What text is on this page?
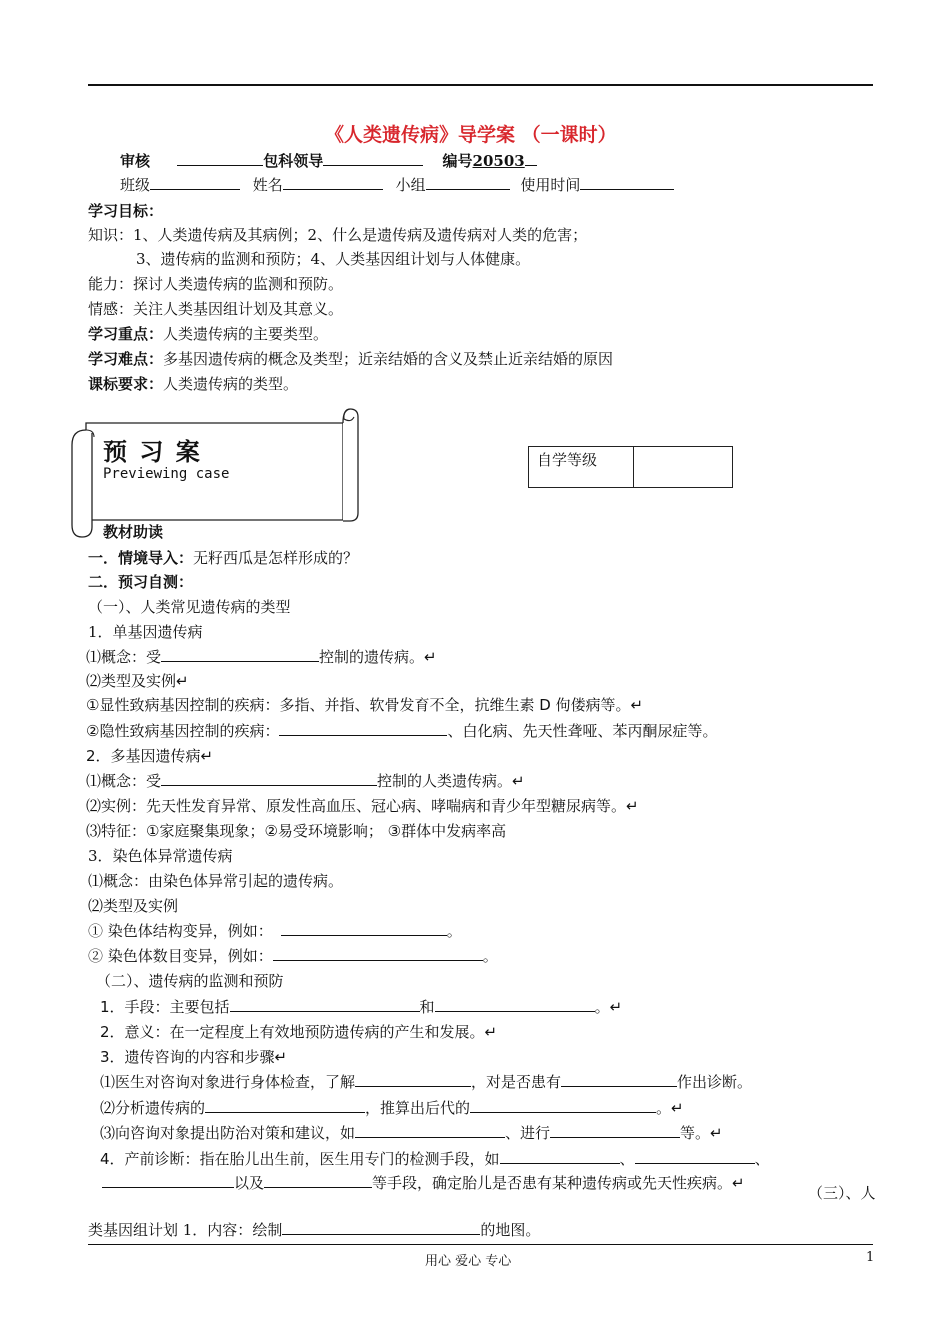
《人类遗传病》导学案 （一课时）
审核	包科领导	编号20503
班级	姓名	小组	使用时间
学习目标：
知识：1、人类遗传病及其病例；2、什么是遗传病及遗传病对人类的危害；
3、遗传病的监测和预防；4、人类基因组计划与人体健康。
能力：探讨人类遗传病的监测和预防。
情感：关注人类基因组计划及其意义。
学习重点：人类遗传病的主要类型。
学习难点：多基因遗传病的概念及类型；近亲结婚的含义及禁止近亲结婚的原因
课标要求：人类遗传病的类型。
预 习 案
Previewing case
自学等级	
教材助读
一．情境导入：无籽西瓜是怎样形成的？
二．预习自测：
（一）、人类常见遗传病的类型
1．单基因遗传病
⑴概念：受	控制的遗传病。↵
⑵类型及实例↵
①显性致病基因控制的疾病：多指、并指、软骨发育不全，抗维生素 D 佝偻病等。↵
②隐性致病基因控制的疾病：	、白化病、先天性聋哑、苯丙酮尿症等。
2．多基因遗传病↵
⑴概念：受	控制的人类遗传病。↵
⑵实例：先天性发育异常、原发性高血压、冠心病、哮喘病和青少年型糖尿病等。↵
⑶特征：①家庭聚集现象；②易受环境影响； ③群体中发病率高
3．染色体异常遗传病
⑴概念：由染色体异常引起的遗传病。
⑵类型及实例
① 染色体结构变异，例如：	。
② 染色体数目变异，例如：	。
（二）、遗传病的监测和预防
1．手段：主要包括	和	。↵
2．意义：在一定程度上有效地预防遗传病的产生和发展。↵
3．遗传咨询的内容和步骤↵
⑴医生对咨询对象进行身体检查，了解	，对是否患有	作出诊断。
⑵分析遗传病的	，推算出后代的	。↵
⑶向咨询对象提出防治对策和建议，如	、进行	等。↵
4．产前诊断：指在胎儿出生前，医生用专门的检测手段，如	、	、
以及	等手段，确定胎儿是否患有某种遗传病或先天性疾病。↵
（三）、人
类基因组计划 1．内容：绘制	的地图。
用心 爱心 专心	1
